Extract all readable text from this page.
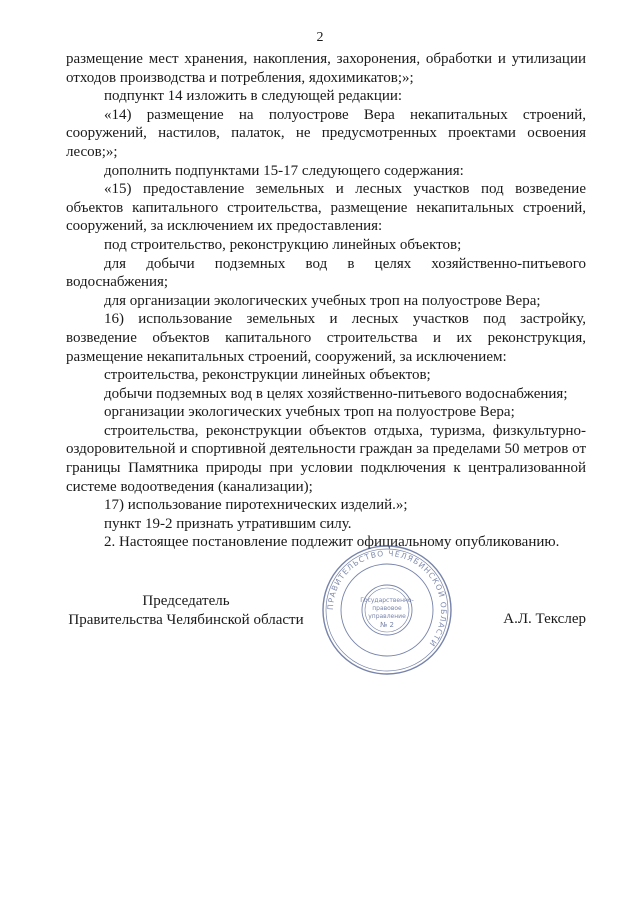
2

размещение мест хранения, накопления, захоронения, обработки и утилизации отходов производства и потребления, ядохимикатов;»;

подпункт 14 изложить в следующей редакции:

«14) размещение на полуострове Вера некапитальных строений, сооружений, настилов, палаток, не предусмотренных проектами освоения лесов;»;

дополнить подпунктами 15-17 следующего содержания:

«15) предоставление земельных и лесных участков под возведение объектов капитального строительства, размещение некапитальных строений, сооружений, за исключением их предоставления:

под строительство, реконструкцию линейных объектов;

для добычи подземных вод в целях хозяйственно-питьевого водоснабжения;

для организации экологических учебных троп на полуострове Вера;

16) использование земельных и лесных участков под застройку, возведение объектов капитального строительства и их реконструкция, размещение некапитальных строений, сооружений, за исключением:

строительства, реконструкции линейных объектов;

добычи подземных вод в целях хозяйственно-питьевого водоснабжения;

организации экологических учебных троп на полуострове Вера;

строительства, реконструкции объектов отдыха, туризма, физкультурно-оздоровительной и спортивной деятельности граждан за пределами 50 метров от границы Памятника природы при условии подключения к централизованной системе водоотведения (канализации);

17) использование пиротехнических изделий.»;

пункт 19-2 признать утратившим силу.

2. Настоящее постановление подлежит официальному опубликованию.

Председатель
Правительства Челябинской области	А.Л. Текслер
ПРАВИТЕЛЬСТВО ЧЕЛЯБИНСКОЙ ОБЛАСТИ
Государственно-
правовое
управление
№ 2
